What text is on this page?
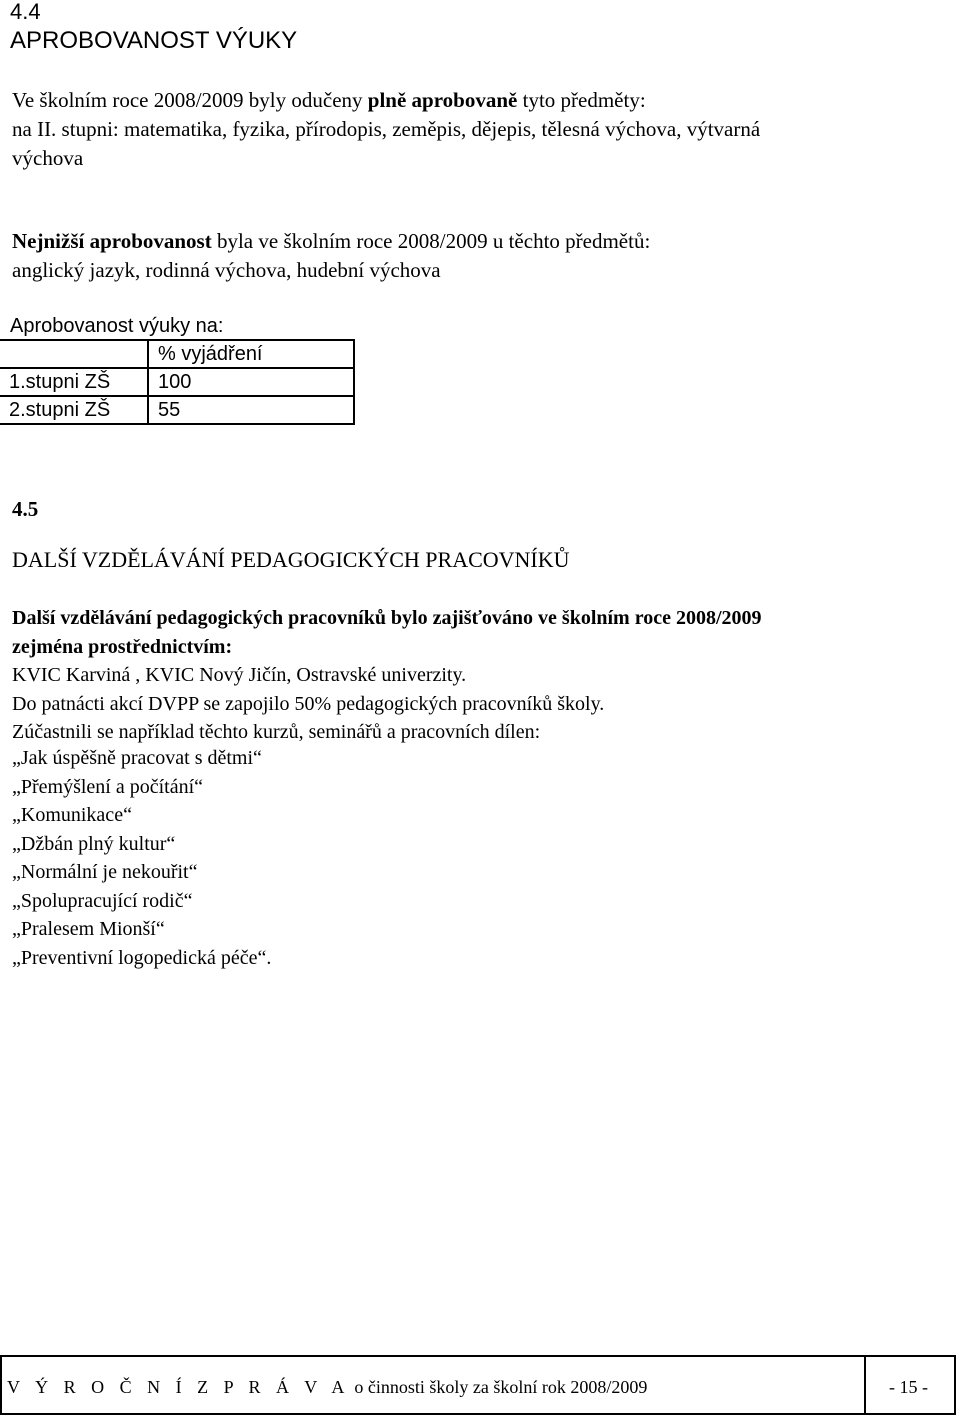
4.4
APROBOVANOST VÝUKY
Ve školním roce 2008/2009 byly odučeny plně aprobovaně tyto předměty:
na II. stupni: matematika, fyzika, přírodopis, zeměpis, dějepis, tělesná výchova, výtvarná
výchova
Nejnižší aprobovanost byla ve školním roce 2008/2009 u těchto předmětů:
anglický jazyk, rodinná výchova, hudební výchova
Aprobovanost výuky na:
	% vyjádření
1.stupni ZŠ	100
2.stupni ZŠ	55
4.5
DALŠÍ VZDĚLÁVÁNÍ PEDAGOGICKÝCH PRACOVNÍKŮ
Další vzdělávání pedagogických pracovníků bylo zajišťováno ve školním roce 2008/2009
zejména prostřednictvím:
KVIC Karviná , KVIC Nový Jičín, Ostravské univerzity.
Do patnácti akcí DVPP se zapojilo 50% pedagogických pracovníků školy.
Zúčastnili se například těchto kurzů, seminářů a pracovních dílen:
„Jak úspěšně pracovat s dětmi“
„Přemýšlení a počítání“
„Komunikace“
„Džbán plný kultur“
„Normální je nekouřit“
„Spolupracující rodič“
„Pralesem Mionší“
„Preventivní logopedická péče“.
V Ý R O Č N Í Z P R Á V A o činnosti školy za školní rok 2008/2009	- 15 -
